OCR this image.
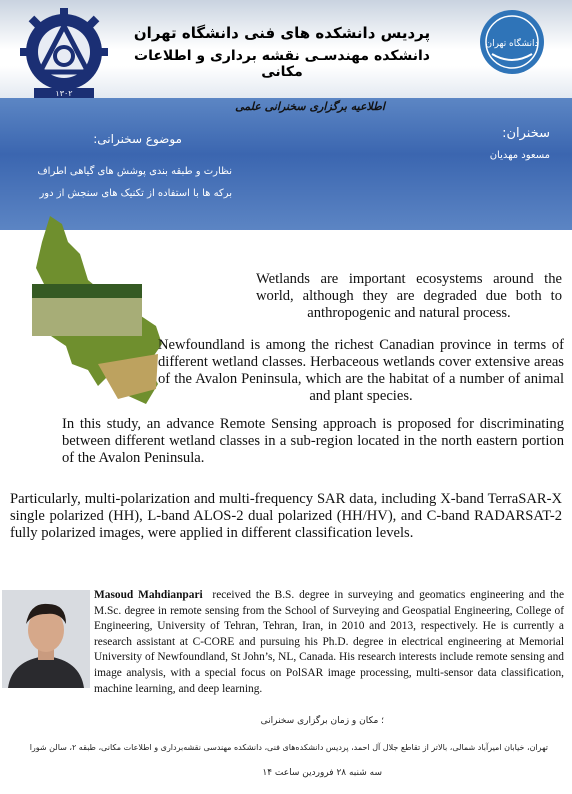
۱۳۰۲
پردیس دانشکده های فنی دانشگاه تهران
دانشکده مهندسـی نقشه برداری و اطلاعات مکانی
دانشگاه تهران
اطلاعیه برگزاری سخنرانی علمی
سخنران:
مسعود مهدیان
موضوع سخنرانی:
نظارت و طبقه بندی پوشش های گیاهی اطراف
برکه ها با استفاده از تکنیک های سنجش از دور
Wetlands are important ecosystems around the world, although they are degraded due both to anthropogenic and natural process.
Newfoundland is among the richest Canadian province in terms of different wetland classes. Herbaceous wetlands cover extensive areas of the Avalon Peninsula, which are the habitat of a number of animal and plant species.
In this study, an advance Remote Sensing approach is proposed for discriminating between different wetland classes in a sub-region located in the north eastern portion of the Avalon Peninsula.
Particularly, multi-polarization and multi-frequency SAR data, including X-band TerraSAR-X single polarized (HH), L-band ALOS-2 dual polarized (HH/HV), and C-band RADARSAT-2 fully polarized images, were applied in different classification levels.
Masoud Mahdianpari received the B.S. degree in surveying and geomatics engineering and the M.Sc. degree in remote sensing from the School of Surveying and Geospatial Engineering, College of Engineering, University of Tehran, Tehran, Iran, in 2010 and 2013, respectively. He is currently a research assistant at C-CORE and pursuing his Ph.D. degree in electrical engineering at Memorial University of Newfoundland, St John’s, NL, Canada. His research interests include remote sensing and image analysis, with a special focus on PolSAR image processing, multi-sensor data classification, machine learning, and deep learning.
؛ مکان و زمان برگزاری سخنرانی
تهران، خیابان امیرآباد شمالی، بالاتر از تقاطع جلال آل احمد، پردیس دانشکده‌های فنی، دانشکده مهندسی نقشه‌برداری و اطلاعات مکانی، طبقه ۲، سالن شورا
سه شنبه ۲۸ فروردین ساعت ۱۴
